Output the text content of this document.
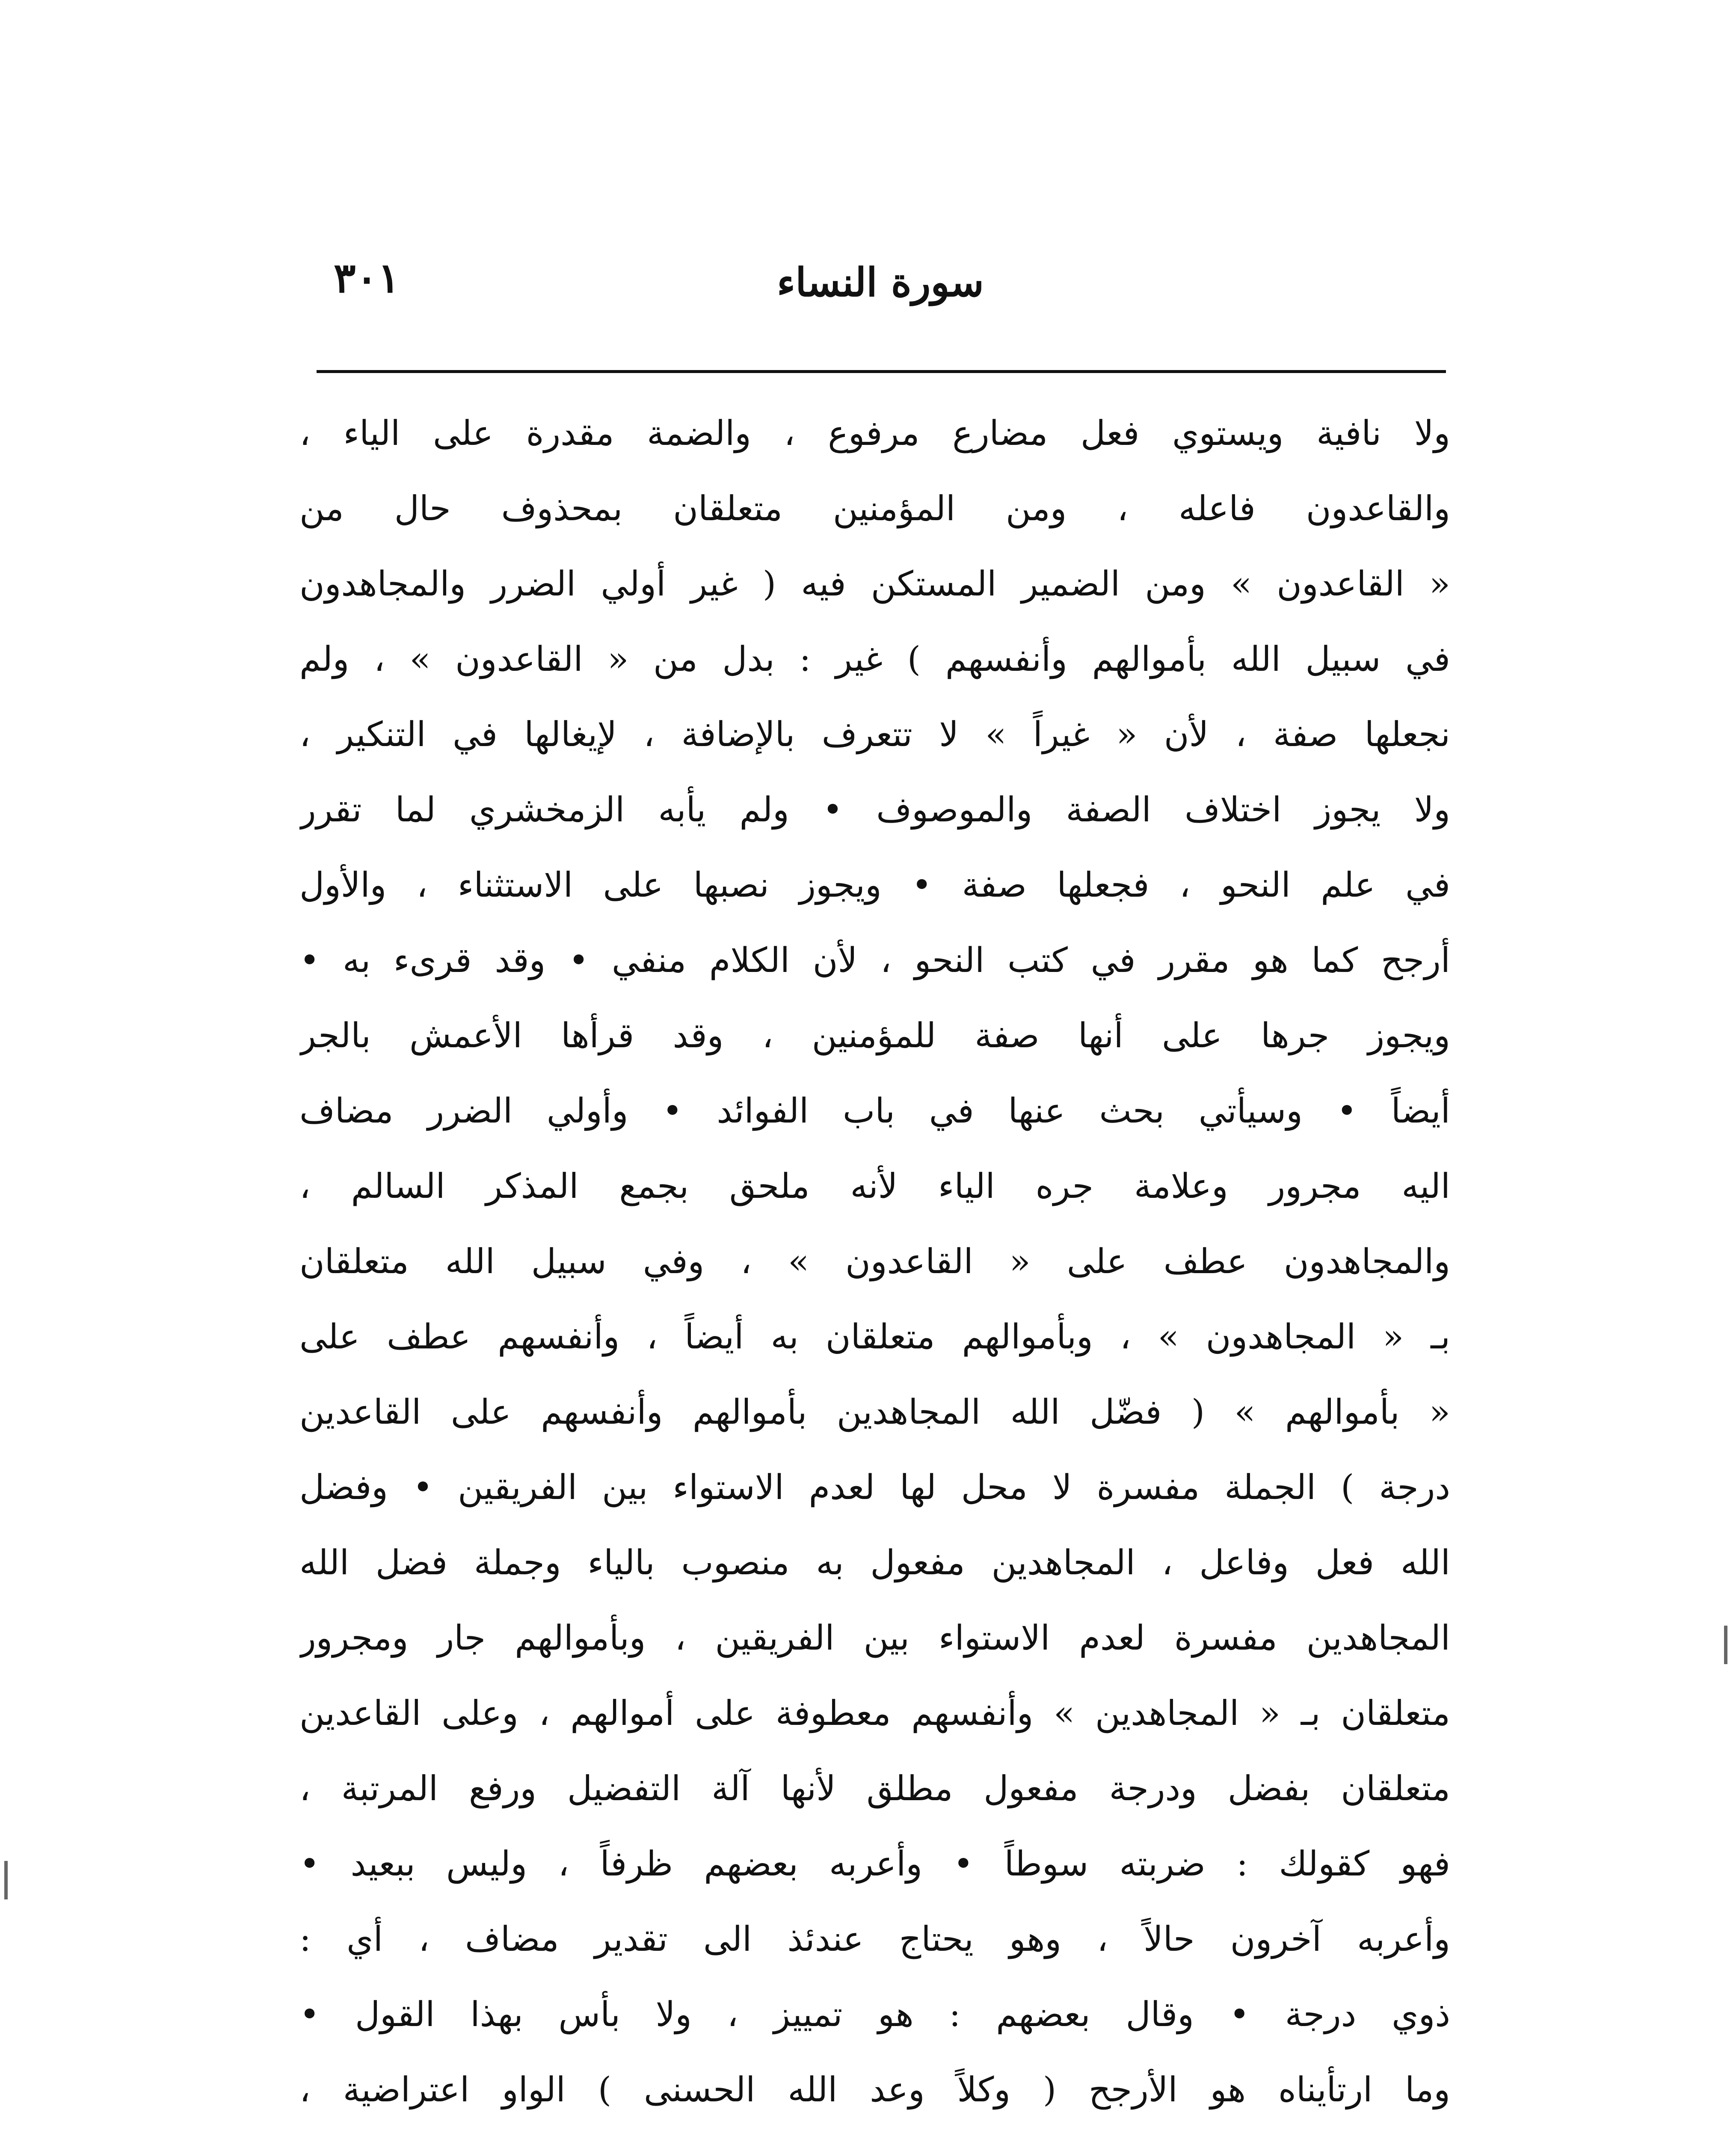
سورة النساء
٣٠١
ولا نافية ويستوي فعل مضارع مرفوع ، والضمة مقدرة على الياء ،
والقاعدون فاعله ، ومن المؤمنين متعلقان بمحذوف حال من
« القاعدون » ومن الضمير المستكن فيه ( غير أولي الضرر والمجاهدون
في سبيل الله بأموالهم وأنفسهم ) غير : بدل من « القاعدون » ، ولم
نجعلها صفة ، لأن « غيراً » لا تتعرف بالإضافة ، لإيغالها في التنكير ،
ولا يجوز اختلاف الصفة والموصوف • ولم يأبه الزمخشري لما تقرر
في علم النحو ، فجعلها صفة • ويجوز نصبها على الاستثناء ، والأول
أرجح كما هو مقرر في كتب النحو ، لأن الكلام منفي • وقد قرىء به •
ويجوز جرها على أنها صفة للمؤمنين ، وقد قرأها الأعمش بالجر
أيضاً • وسيأتي بحث عنها في باب الفوائد • وأولي الضرر مضاف
اليه مجرور وعلامة جره الياء لأنه ملحق بجمع المذكر السالم ،
والمجاهدون عطف على « القاعدون » ، وفي سبيل الله متعلقان
بـ « المجاهدون » ، وبأموالهم متعلقان به أيضاً ، وأنفسهم عطف على
« بأموالهم » ( فضّل الله المجاهدين بأموالهم وأنفسهم على القاعدين
درجة ) الجملة مفسرة لا محل لها لعدم الاستواء بين الفريقين • وفضل
الله فعل وفاعل ، المجاهدين مفعول به منصوب بالياء وجملة فضل الله
المجاهدين مفسرة لعدم الاستواء بين الفريقين ، وبأموالهم جار ومجرور
متعلقان بـ « المجاهدين » وأنفسهم معطوفة على أموالهم ، وعلى القاعدين
متعلقان بفضل ودرجة مفعول مطلق لأنها آلة التفضيل ورفع المرتبة ،
فهو كقولك : ضربته سوطاً • وأعربه بعضهم ظرفاً ، وليس ببعيد •
وأعربه آخرون حالاً ، وهو يحتاج عندئذ الى تقدير مضاف ، أي :
ذوي درجة • وقال بعضهم : هو تمييز ، ولا بأس بهذا القول •
وما ارتأيناه هو الأرجح ( وكلاً وعد الله الحسنى ) الواو اعتراضية ،
